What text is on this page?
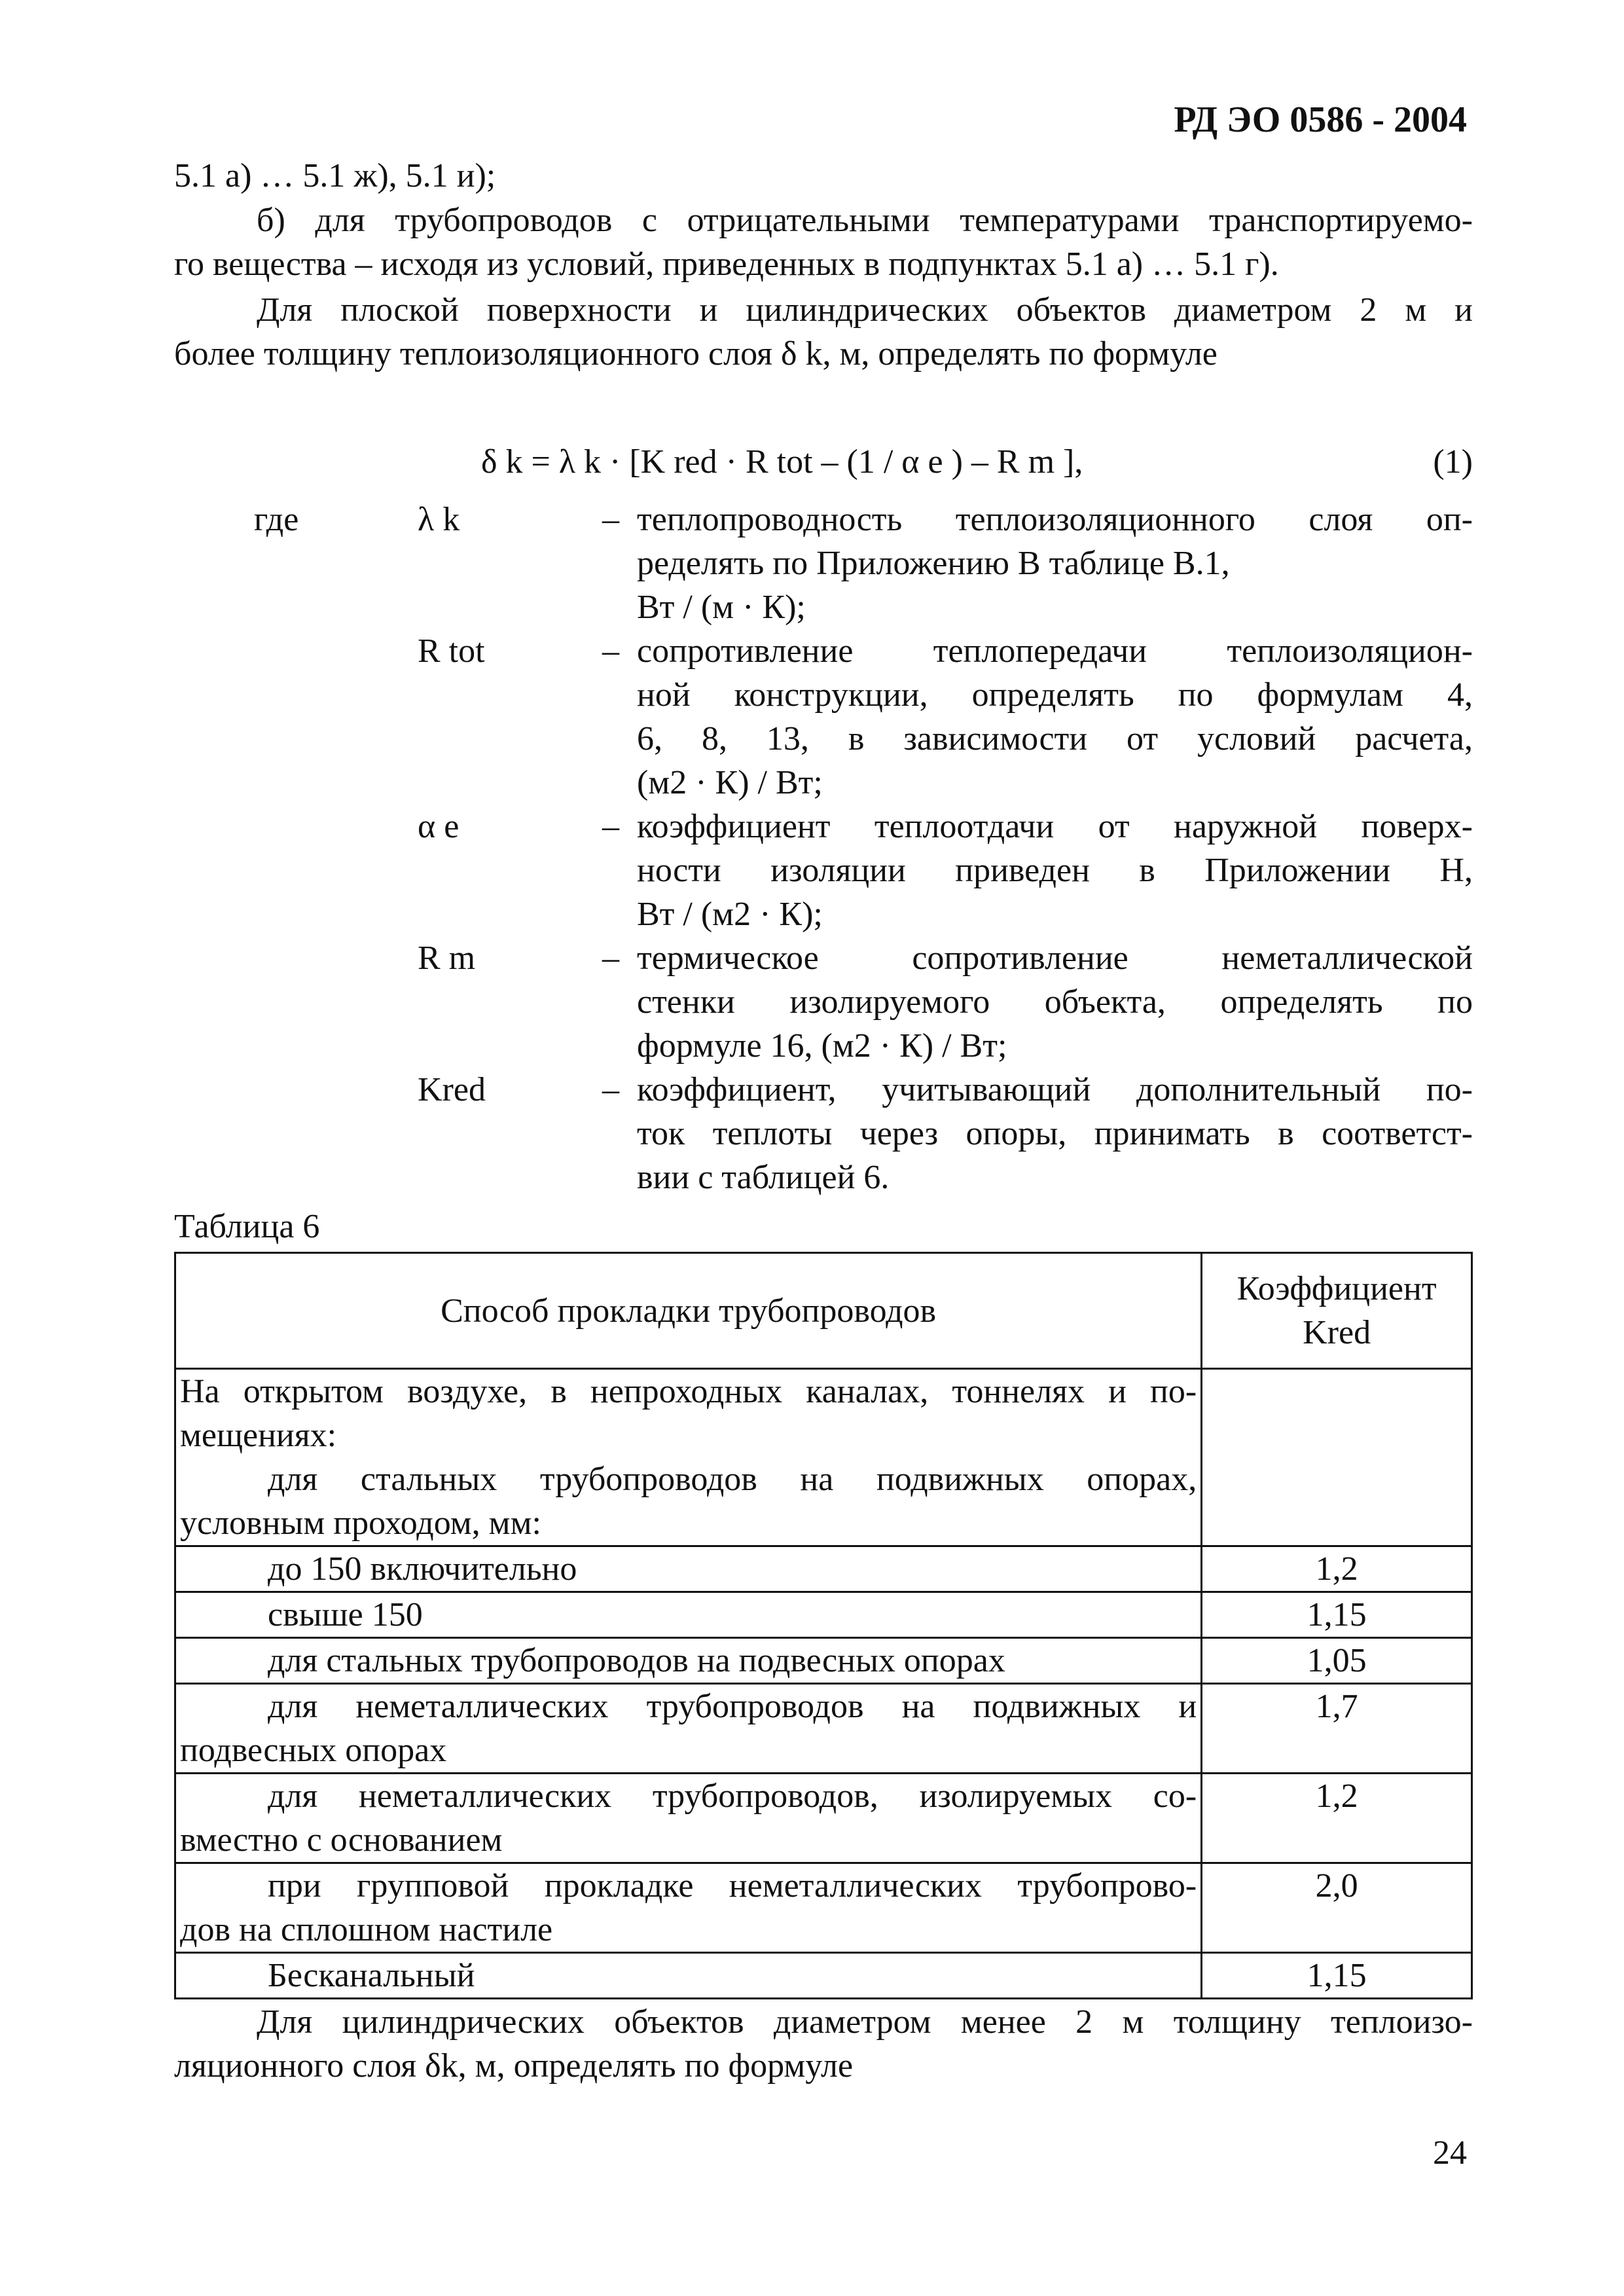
РД ЭО 0586 - 2004
5.1 а) … 5.1 ж), 5.1 и);
б) для трубопроводов с отрицательными температурами транспортируемо-
го вещества – исходя из условий, приведенных в подпунктах 5.1 а) … 5.1 г).
Для плоской поверхности и цилиндрических объектов диаметром 2 м и
более толщину теплоизоляционного слоя δ k, м, определять по формуле
δ k = λ k · [K red · R tot – (1 / α e ) – R m ],	(1)
где	λ k	– теплопроводность теплоизоляционного слоя оп-
ределять по Приложению В таблице В.1,
Вт / (м · К);
R tot	– сопротивление теплопередачи теплоизоляцион-
ной конструкции, определять по формулам 4,
6, 8, 13, в зависимости от условий расчета,
(м2 · К) / Вт;
α e	– коэффициент теплоотдачи от наружной поверх-
ности изоляции приведен в Приложении Н,
Вт / (м2 · К);
R m	– термическое сопротивление неметаллической
стенки изолируемого объекта, определять по
формуле 16, (м2 · К) / Вт;
Kred	– коэффициент, учитывающий дополнительный по-
ток теплоты через опоры, принимать в соответст-
вии с таблицей 6.
Таблица 6
Способ прокладки трубопроводов	Коэффициент
Kred

На открытом воздухе, в непроходных каналах, тоннелях и по-
мещениях:
для стальных трубопроводов на подвижных опорах,
условным проходом, мм:	

до 150 включительно	1,2
свыше 150	1,15
для стальных трубопроводов на подвесных опорах	1,05

для неметаллических трубопроводов на подвижных и
подвесных опорах	1,7

для неметаллических трубопроводов, изолируемых со-
вместно с основанием	1,2

при групповой прокладке неметаллических трубопрово-
дов на сплошном настиле	2,0
Бесканальный	1,15
Для цилиндрических объектов диаметром менее 2 м толщину теплоизо-
ляционного слоя δk, м, определять по формуле
24
